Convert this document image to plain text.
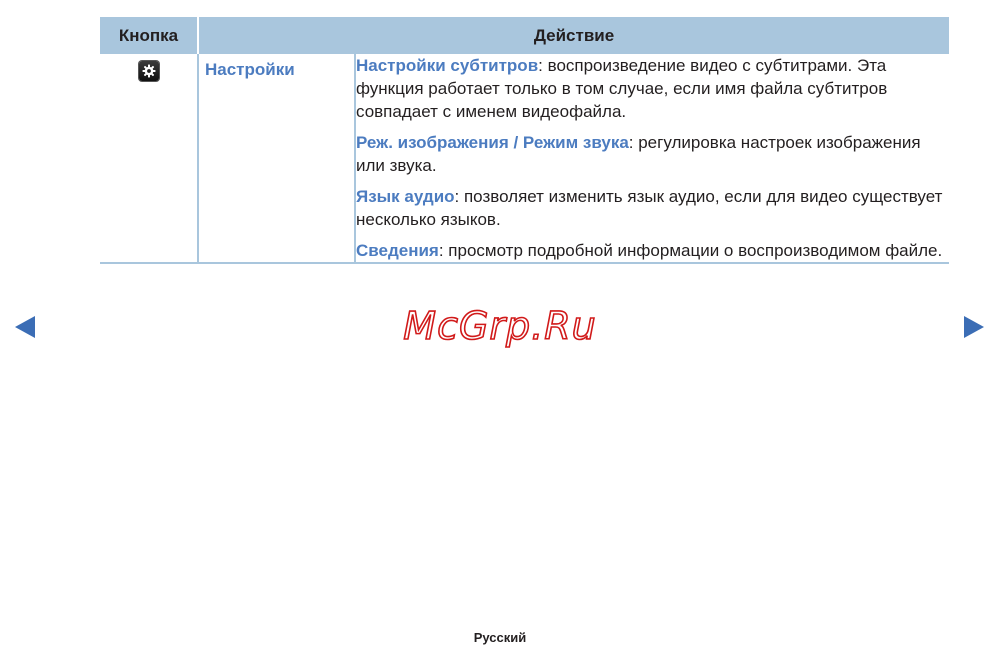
Кнопка	Действие	

Настройки	Настройки субтитров: воспроизведение видео с субтитрами. Эта функция работает только в том случае, если имя файла субтитров совпадает с именем видеофайла.

Реж. изображения / Режим звука: регулировка настроек изображения или звука.

Язык аудио: позволяет изменить язык аудио, если для видео существует несколько языков.

Сведения: просмотр подробной информации о воспроизводимом файле.

McGrp.Ru
Русский
